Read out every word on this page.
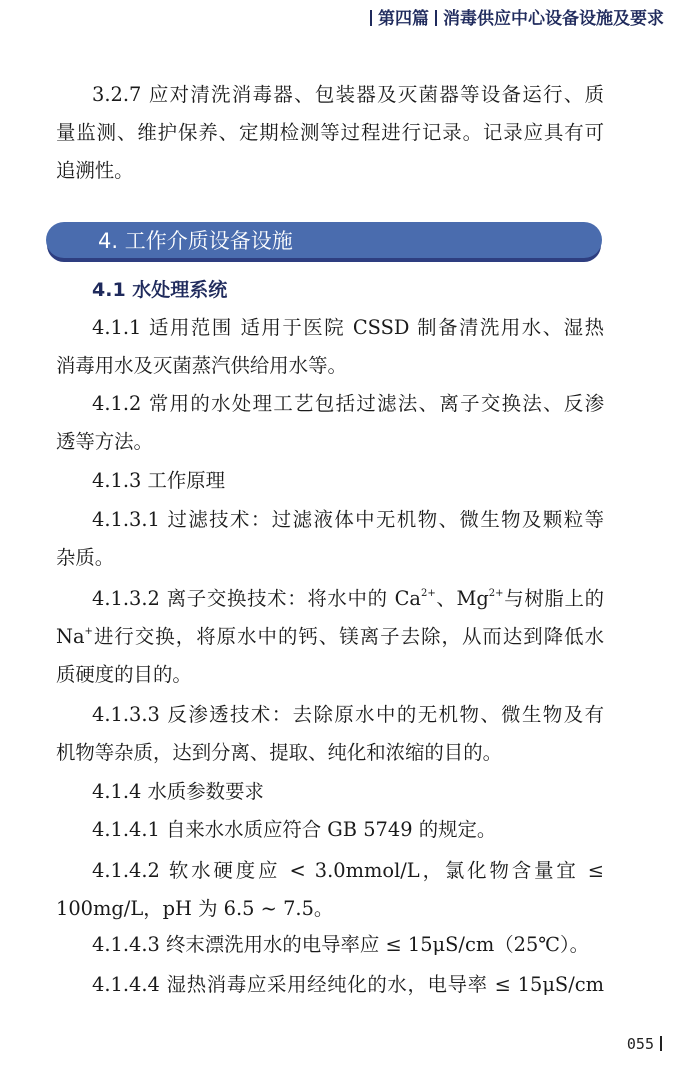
第四篇 消毒供应中心设备设施及要求
3.2.7 应对清洗消毒器、包装器及灭菌器等设备运行、质
量监测、维护保养、定期检测等过程进行记录。记录应具有可
追溯性。
4. 工作介质设备设施
4.1 水处理系统
4.1.1 适用范围 适用于医院 CSSD 制备清洗用水、湿热
消毒用水及灭菌蒸汽供给用水等。
4.1.2 常用的水处理工艺包括过滤法、离子交换法、反渗
透等方法。
4.1.3 工作原理
4.1.3.1 过滤技术：过滤液体中无机物、微生物及颗粒等
杂质。
4.1.3.2 离子交换技术：将水中的 $Ca^{2+}$、$Mg^{2+}$与树脂上的
Na+进行交换，将原水中的钙、镁离子去除，从而达到降低水
质硬度的目的。
4.1.3.3 反渗透技术：去除原水中的无机物、微生物及有
机物等杂质，达到分离、提取、纯化和浓缩的目的。
4.1.4 水质参数要求
4.1.4.1 自来水水质应符合 GB 5749 的规定。
4.1.4.2 软水硬度应 < 3.0mmol/L，氯化物含量宜 ≤
100mg/L，pH 为 6.5 ~ 7.5。
4.1.4.3 终末漂洗用水的电导率应 ≤ 15μS/cm（25℃）。
4.1.4.4 湿热消毒应采用经纯化的水，电导率 ≤ 15μS/cm
055
